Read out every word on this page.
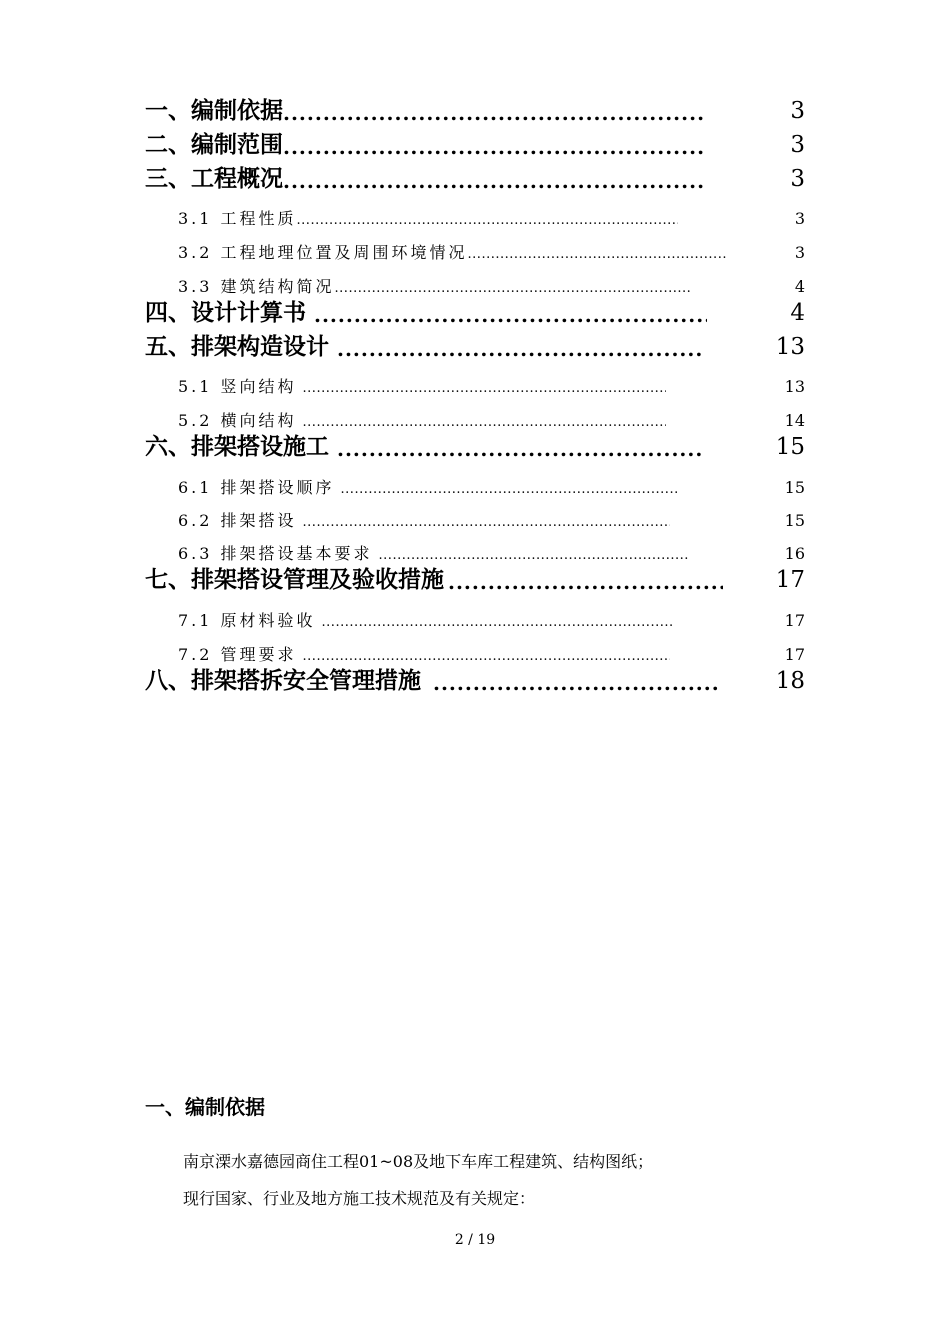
一、编制依据 .....	3
二、编制范围 .....	3
三、工程概况 .....	3
3.1 工程性质 .....	3
3.2 工程地理位置及周围环境情况 .....	3
3.3 建筑结构简况 .....	4
四、设计计算书 .....	4
五、排架构造设计 .....	13
5.1 竖向结构 .....	13
5.2 横向结构 .....	14
六、排架搭设施工 .....	15
6.1 排架搭设顺序 .....	15
6.2 排架搭设 .....	15
6.3 排架搭设基本要求 .....	16
七、排架搭设管理及验收措施 .....	17
7.1 原材料验收 .....	17
7.2 管理要求 .....	17
八、排架搭拆安全管理措施 .....	18
一、编制依据
南京溧水嘉德园商住工程01~08及地下车库工程建筑、结构图纸；
现行国家、行业及地方施工技术规范及有关规定：
2 / 19
